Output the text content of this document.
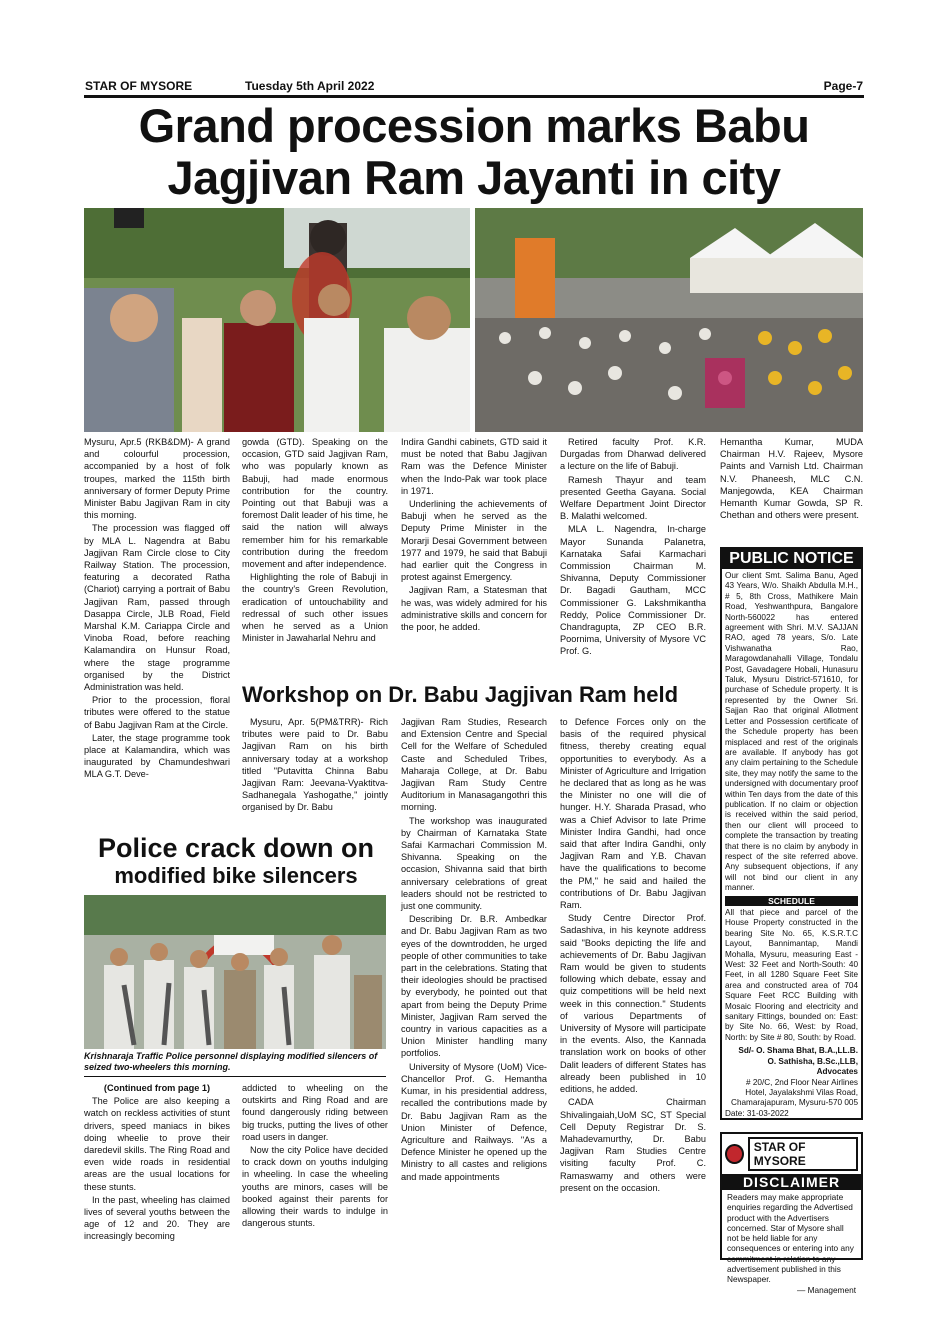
STAR OF MYSORE	Tuesday 5th April 2022	Page-7
Grand procession marks Babu
Jagjivan Ram Jayanti in city

Mysuru, Apr.5 (RKB&DM)- A grand and colourful procession, accompanied by a host of folk troupes, marked the 115th birth anniversary of former Deputy Prime Minister Babu Jagjivan Ram in city this morning.

The procession was flagged off by MLA L. Nagendra at Babu Jagjivan Ram Circle close to City Railway Station. The procession, featuring a decorated Ratha (Chariot) carrying a portrait of Babu Jagjivan Ram, passed through Dasappa Circle, JLB Road, Field Marshal K.M. Cariappa Circle and Vinoba Road, before reaching Kalamandira on Hunsur Road, where the stage programme organised by the District Administration was held.

Prior to the procession, floral tributes were offered to the statue of Babu Jagjivan Ram at the Circle.

Later, the stage programme took place at Kalamandira, which was inaugurated by Chamundeshwari MLA G.T. Deve-

gowda (GTD). Speaking on the occasion, GTD said Jagjivan Ram, who was popularly known as Babuji, had made enormous contribution for the country. Pointing out that Babuji was a foremost Dalit leader of his time, he said the nation will always remember him for his remarkable contribution during the freedom movement and after independence.

Highlighting the role of Babuji in the country's Green Revolution, eradication of untouchability and redressal of such other issues when he served as a Union Minister in Jawaharlal Nehru and

Indira Gandhi cabinets, GTD said it must be noted that Babu Jagjivan Ram was the Defence Minister when the Indo-Pak war took place in 1971.

Underlining the achievements of Babuji when he served as the Deputy Prime Minister in the Morarji Desai Government between 1977 and 1979, he said that Babuji had earlier quit the Congress in protest against Emergency.

Jagjivan Ram, a Statesman that he was, was widely admired for his administrative skills and concern for the poor, he added.

Retired faculty Prof. K.R. Durgadas from Dharwad delivered a lecture on the life of Babuji.

Ramesh Thayur and team presented Geetha Gayana. Social Welfare Department Joint Director B. Malathi welcomed.

MLA L. Nagendra, In-charge Mayor Sunanda Palanetra, Karnataka Safai Karmachari Commission Chairman M. Shivanna, Deputy Commissioner Dr. Bagadi Gautham, MCC Commissioner G. Lakshmikantha Reddy, Police Commissioner Dr. Chandragupta, ZP CEO B.R. Poornima, University of Mysore VC Prof. G.

Hemantha Kumar, MUDA Chairman H.V. Rajeev, Mysore Paints and Varnish Ltd. Chairman N.V. Phaneesh, MLC C.N. Manjegowda, KEA Chairman Hemanth Kumar Gowda, SP R. Chethan and others were present.

Workshop on Dr. Babu Jagjivan Ram held

Mysuru, Apr. 5(PM&TRR)- Rich tributes were paid to Dr. Babu Jagjivan Ram on his birth anniversary today at a workshop titled "Putavitta Chinna Babu Jagjivan Ram: Jeevana-Vyaktitva-Sadhanegala Yashogathe," jointly organised by Dr. Babu

Jagjivan Ram Studies, Research and Extension Centre and Special Cell for the Welfare of Scheduled Caste and Scheduled Tribes, Maharaja College, at Dr. Babu Jagjivan Ram Study Centre Auditorium in Manasagangothri this morning.

The workshop was inaugurated by Chairman of Karnataka State Safai Karmachari Commission M. Shivanna. Speaking on the occasion, Shivanna said that birth anniversary celebrations of great leaders should not be restricted to just one community.

Describing Dr. B.R. Ambedkar and Dr. Babu Jagjivan Ram as two eyes of the downtrodden, he urged people of other communities to take part in the celebrations. Stating that their ideologies should be practised by everybody, he pointed out that apart from being the Deputy Prime Minister, Jagjivan Ram served the country in various capacities as a Union Minister handling many portfolios.

University of Mysore (UoM) Vice-Chancellor Prof. G. Hemantha Kumar, in his presidential address, recalled the contributions made by Dr. Babu Jagjivan Ram as the Union Minister of Defence, Agriculture and Railways. "As a Defence Minister he opened up the Ministry to all castes and religions and made appointments

to Defence Forces only on the basis of the required physical fitness, thereby creating equal opportunities to everybody. As a Minister of Agriculture and Irrigation he declared that as long as he was the Minister no one will die of hunger. H.Y. Sharada Prasad, who was a Chief Advisor to late Prime Minister Indira Gandhi, had once said that after Indira Gandhi, only Jagjivan Ram and Y.B. Chavan have the qualifications to become the PM," he said and hailed the contributions of Dr. Babu Jagjivan Ram.

Study Centre Director Prof. Sadashiva, in his keynote address said "Books depicting the life and achievements of Dr. Babu Jagjivan Ram would be given to students following which debate, essay and quiz competitions will be held next week in this connection." Students of various Departments of University of Mysore will participate in the events. Also, the Kannada translation work on books of other Dalit leaders of different States has already been published in 10 editions, he added.

CADA Chairman Shivalingaiah,UoM SC, ST Special Cell Deputy Registrar Dr. S. Mahadevamurthy, Dr. Babu Jagjivan Ram Studies Centre visiting faculty Prof. C. Ramaswamy and others were present on the occasion.

Police crack down on
modified bike silencers
Krishnaraja Traffic Police personnel displaying modified silencers of seized two-wheelers this morning.

(Continued from page 1)

The Police are also keeping a watch on reckless activities of stunt drivers, speed maniacs in bikes doing wheelie to prove their daredevil skills. The Ring Road and even wide roads in residential areas are the usual locations for these stunts.

In the past, wheeling has claimed lives of several youths between the age of 12 and 20. They are increasingly becoming

addicted to wheeling on the outskirts and Ring Road and are found dangerously riding between big trucks, putting the lives of other road users in danger.

Now the city Police have decided to crack down on youths indulging in wheeling. In case the wheeling youths are minors, cases will be booked against their parents for allowing their wards to indulge in dangerous stunts.

PUBLIC NOTICE
Our client Smt. Salima Banu, Aged 43 Years, W/o. Shaikh Abdulla M.H., # 5, 8th Cross, Mathikere Main Road, Yeshwanthpura, Bangalore North-560022 has entered agreement with Shri. M.V. SAJJAN RAO, aged 78 years, S/o. Late Vishwanatha Rao, Maragowdanahalli Village, Tondalu Post, Gavadagere Hobali, Hunasuru Taluk, Mysuru District-571610, for purchase of Schedule property. It is represented by the Owner Sri. Sajjan Rao that original Allotment Letter and Possession certificate of the Schedule property has been misplaced and rest of the originals are available. If anybody has got any claim pertaining to the Schedule site, they may notify the same to the undersigned with documentary proof within Ten days from the date of this publication. If no claim or objection is received within the said period, then our client will proceed to complete the transaction by treating that there is no claim by anybody in respect of the site referred above. Any subsequent objections, if any will not bind our client in any manner.
SCHEDULE
All that piece and parcel of the House Property constructed in the bearing Site No. 65, K.S.R.T.C Layout, Bannimantap, Mandi Mohalla, Mysuru, measuring East - West: 32 Feet and North-South: 40 Feet, in all 1280 Square Feet Site area and constructed area of 704 Square Feet RCC Building with Mosaic Flooring and electricity and sanitary Fittings, bounded on: East: by Site No. 66, West: by Road, North: by Site # 80, South: by Road.
Sd/- O. Shama Bhat, B.A.,LL.B.
O. Sathisha, B.Sc.,LLB, Advocates
# 20/C, 2nd Floor Near Airlines Hotel, Jayalakshmi Vilas Road, Chamarajapuram, Mysuru-570 005
Date: 31-03-2022
STAR OF MYSORE
DISCLAIMER
Readers may make appropriate enquiries regarding the Advertised product with the Advertisers concerned. Star of Mysore shall not be held liable for any consequences or entering into any commitment in relation to any advertisement published in this Newspaper.
— Management
